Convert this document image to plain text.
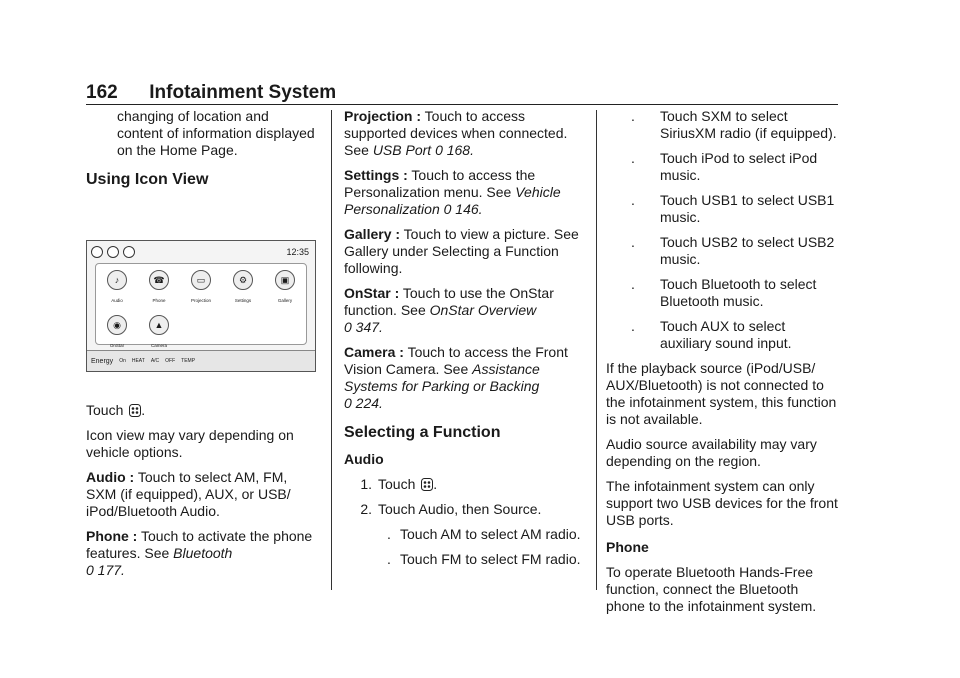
162 Infotainment System

changing of location and content of information displayed on the Home Page.

Using Icon View
12:35
♪
Audio
☎
Phone
▭
Projection
⚙
Settings
▣
Gallery
◉
OnStar
▲
Camera
Energy On HEAT A/C OFF TEMP

Touch .

Icon view may vary depending on vehicle options.

Audio : Touch to select AM, FM, SXM (if equipped), AUX, or USB/ iPod/Bluetooth Audio.

Phone : Touch to activate the phone features. See Bluetooth
0 177.

Projection : Touch to access supported devices when connected. See USB Port 0 168.

Settings : Touch to access the Personalization menu. See Vehicle Personalization 0 146.

Gallery : Touch to view a picture. See Gallery under Selecting a Function following.

OnStar : Touch to use the OnStar function. See OnStar Overview
0 347.

Camera : Touch to access the Front Vision Camera. See Assistance Systems for Parking or Backing
0 224.

Selecting a Function
Audio
1. Touch .
2. Touch Audio, then Source.
. Touch AM to select AM radio.
. Touch FM to select FM radio.
.	Touch SXM to select SiriusXM radio (if equipped).
.	Touch iPod to select iPod music.
.	Touch USB1 to select USB1 music.
.	Touch USB2 to select USB2 music.
.	Touch Bluetooth to select Bluetooth music.
.	Touch AUX to select auxiliary sound input.

If the playback source (iPod/USB/ AUX/Bluetooth) is not connected to the infotainment system, this function is not available.

Audio source availability may vary depending on the region.

The infotainment system can only support two USB devices for the front USB ports.

Phone

To operate Bluetooth Hands-Free function, connect the Bluetooth phone to the infotainment system.
